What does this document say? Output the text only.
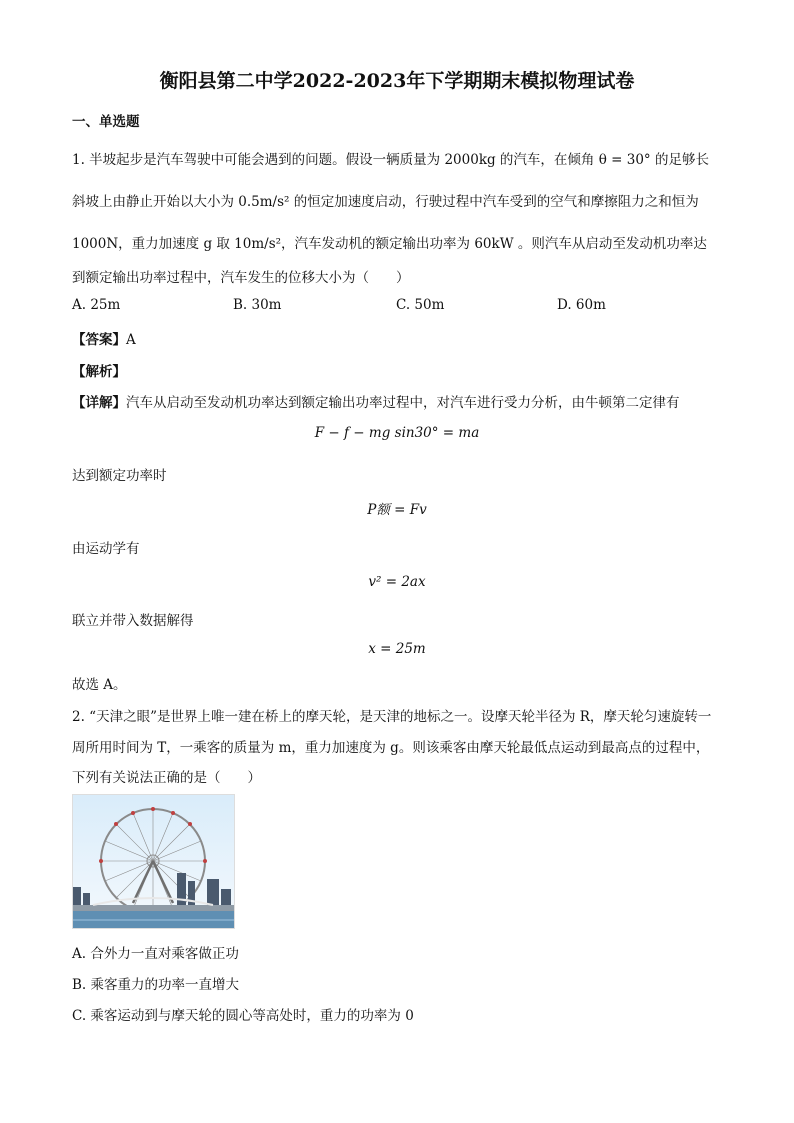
衡阳县第二中学2022-2023年下学期期末模拟物理试卷
一、单选题
1. 半坡起步是汽车驾驶中可能会遇到的问题。假设一辆质量为 2000kg 的汽车，在倾角 θ = 30° 的足够长
斜坡上由静止开始以大小为 0.5m/s² 的恒定加速度启动，行驶过程中汽车受到的空气和摩擦阻力之和恒为
1000N，重力加速度 g 取 10m/s²，汽车发动机的额定输出功率为 60kW 。则汽车从启动至发动机功率达
到额定输出功率过程中，汽车发生的位移大小为（　　）
A. 25m	B. 30m	C. 50m	D. 60m
【答案】A
【解析】
【详解】汽车从启动至发动机功率达到额定输出功率过程中，对汽车进行受力分析，由牛顿第二定律有
F − f − mg sin30° = ma
达到额定功率时
P额 = Fv
由运动学有
v² = 2ax
联立并带入数据解得
x = 25m
故选 A。
2. “天津之眼”是世界上唯一建在桥上的摩天轮，是天津的地标之一。设摩天轮半径为 R，摩天轮匀速旋转一
周所用时间为 T，一乘客的质量为 m，重力加速度为 g。则该乘客由摩天轮最低点运动到最高点的过程中，
下列有关说法正确的是（　　）
A. 合外力一直对乘客做正功
B. 乘客重力的功率一直增大
C. 乘客运动到与摩天轮的圆心等高处时，重力的功率为 0
